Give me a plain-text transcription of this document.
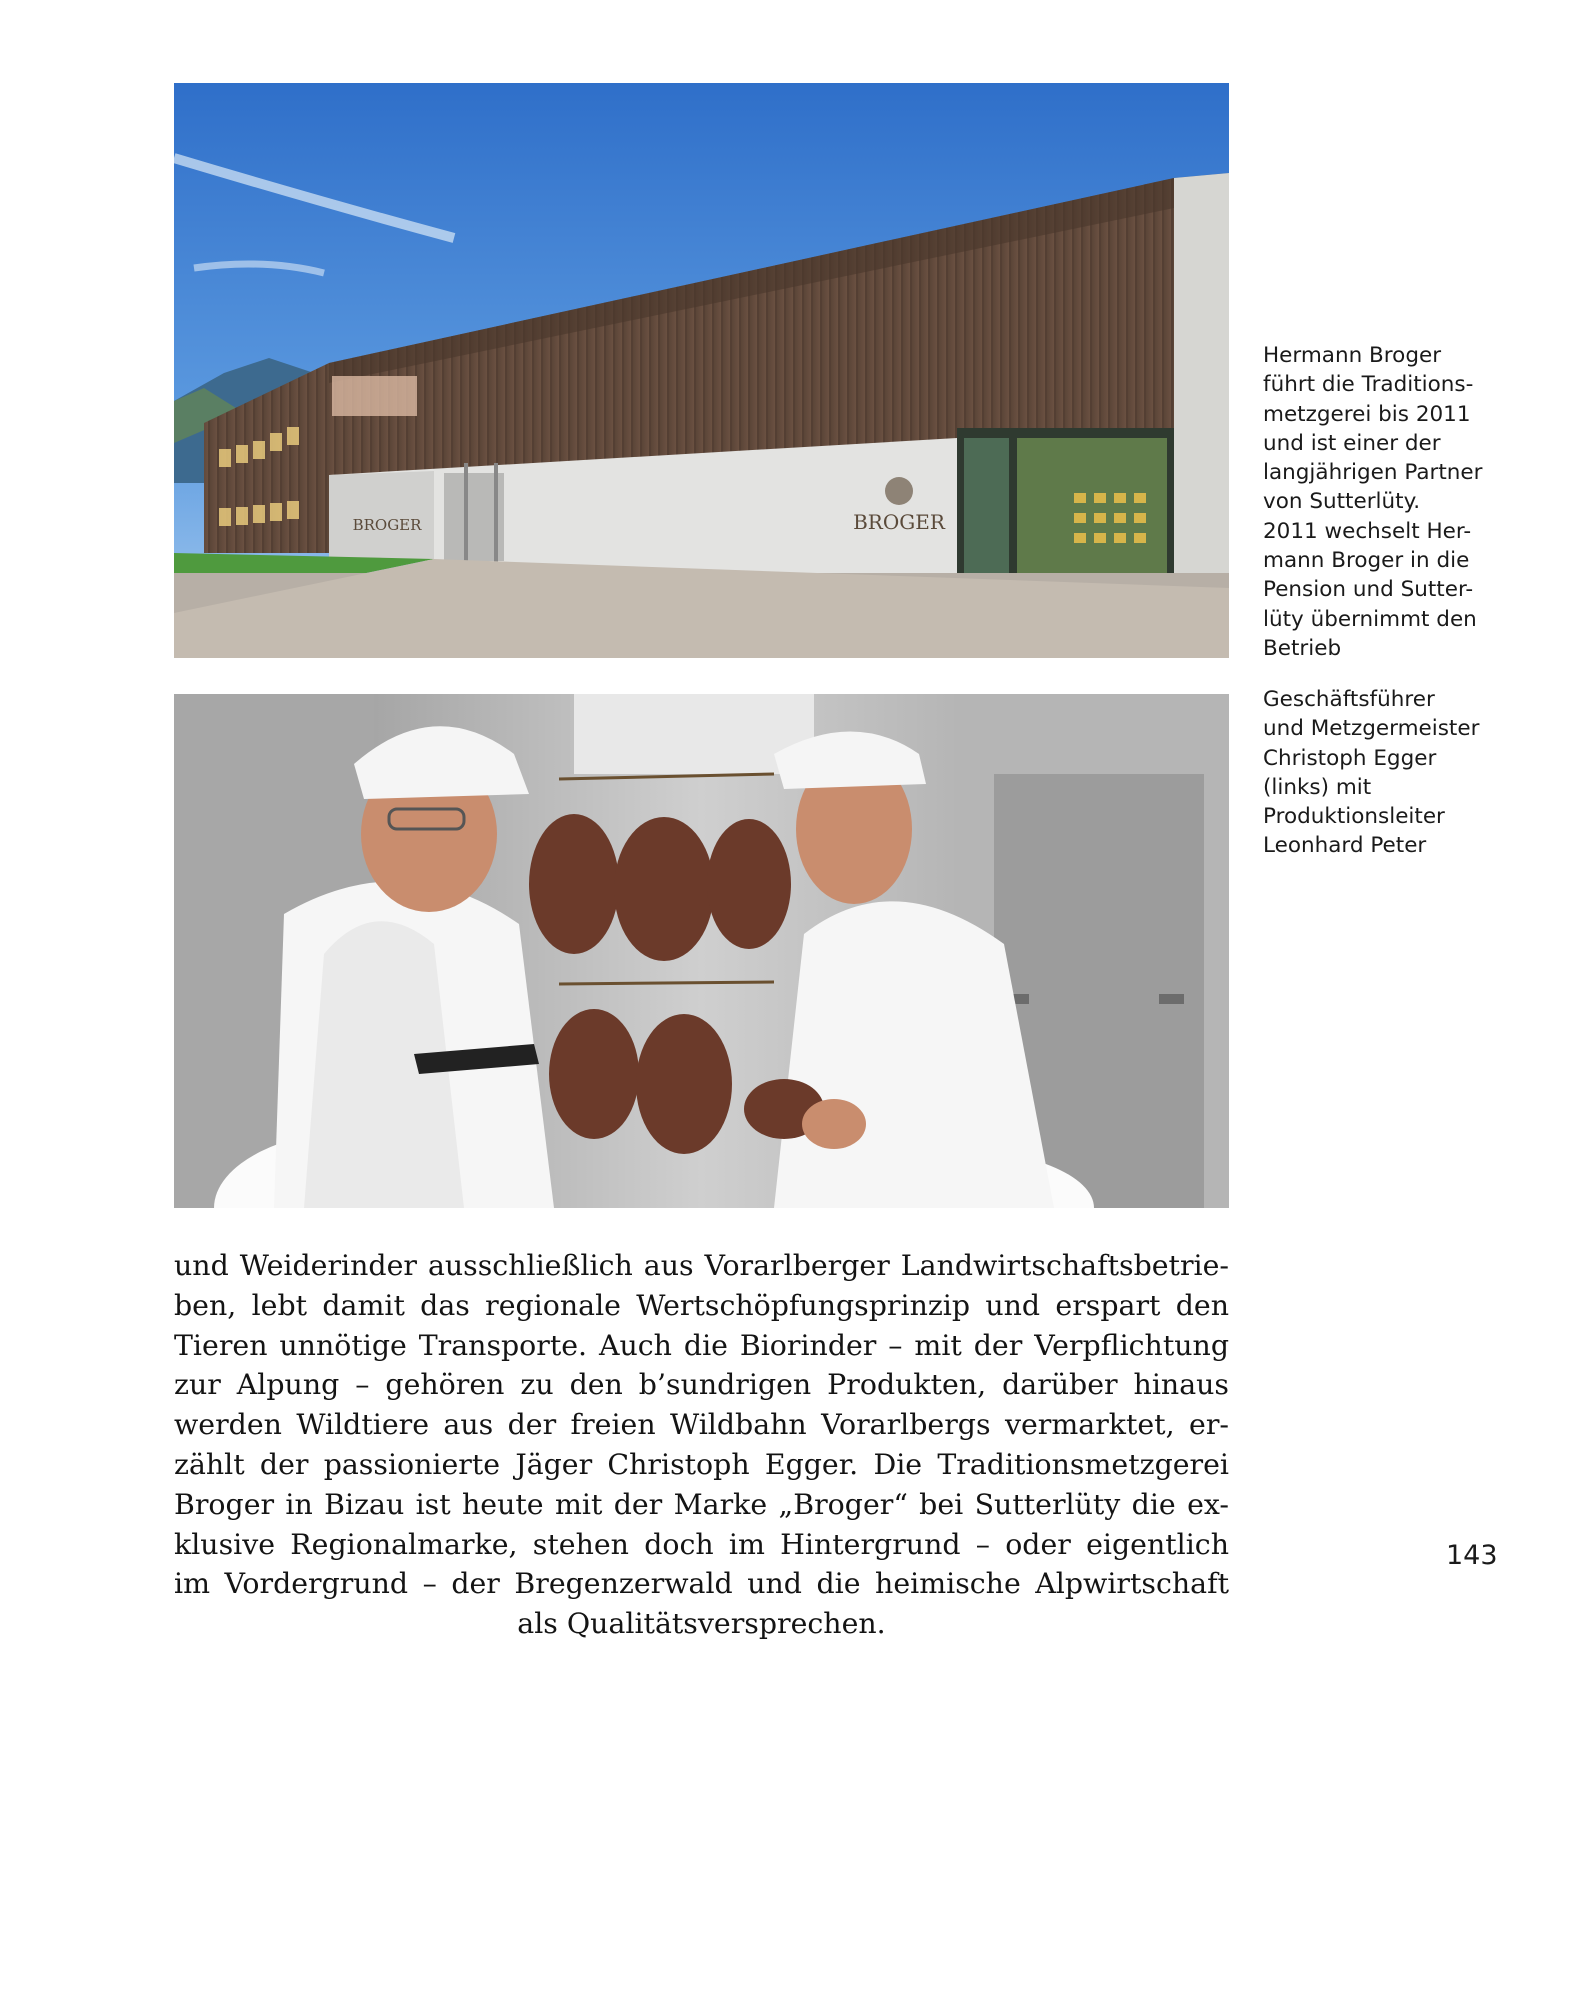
BROGER	BROGER

Hermann Broger
führt die Traditions-
metzgerei bis 2011
und ist einer der
langjährigen Partner
von Sutterlüty.
2011 wechselt Her-
mann Broger in die
Pension und Sutter-
lüty übernimmt den
Betrieb

Geschäftsführer
und Metzgermeister
Christoph Egger
(links) mit
Produktionsleiter
Leonhard Peter

und Weiderinder ausschließlich aus Vorarlberger Landwirtschaftsbetrie-
ben, lebt damit das regionale Wertschöpfungsprinzip und erspart den
Tieren unnötige Transporte. Auch die Biorinder – mit der Verpflichtung
zur Alpung – gehören zu den b’sundrigen Produkten, darüber hinaus
werden Wildtiere aus der freien Wildbahn Vorarlbergs vermarktet, er-
zählt der passionierte Jäger Christoph Egger. Die Traditionsmetzgerei
Broger in Bizau ist heute mit der Marke „Broger“ bei Sutterlüty die ex-
klusive Regionalmarke, stehen doch im Hintergrund – oder eigentlich
im Vordergrund – der Bregenzerwald und die heimische Alpwirtschaft
als Qualitätsversprechen.
143
